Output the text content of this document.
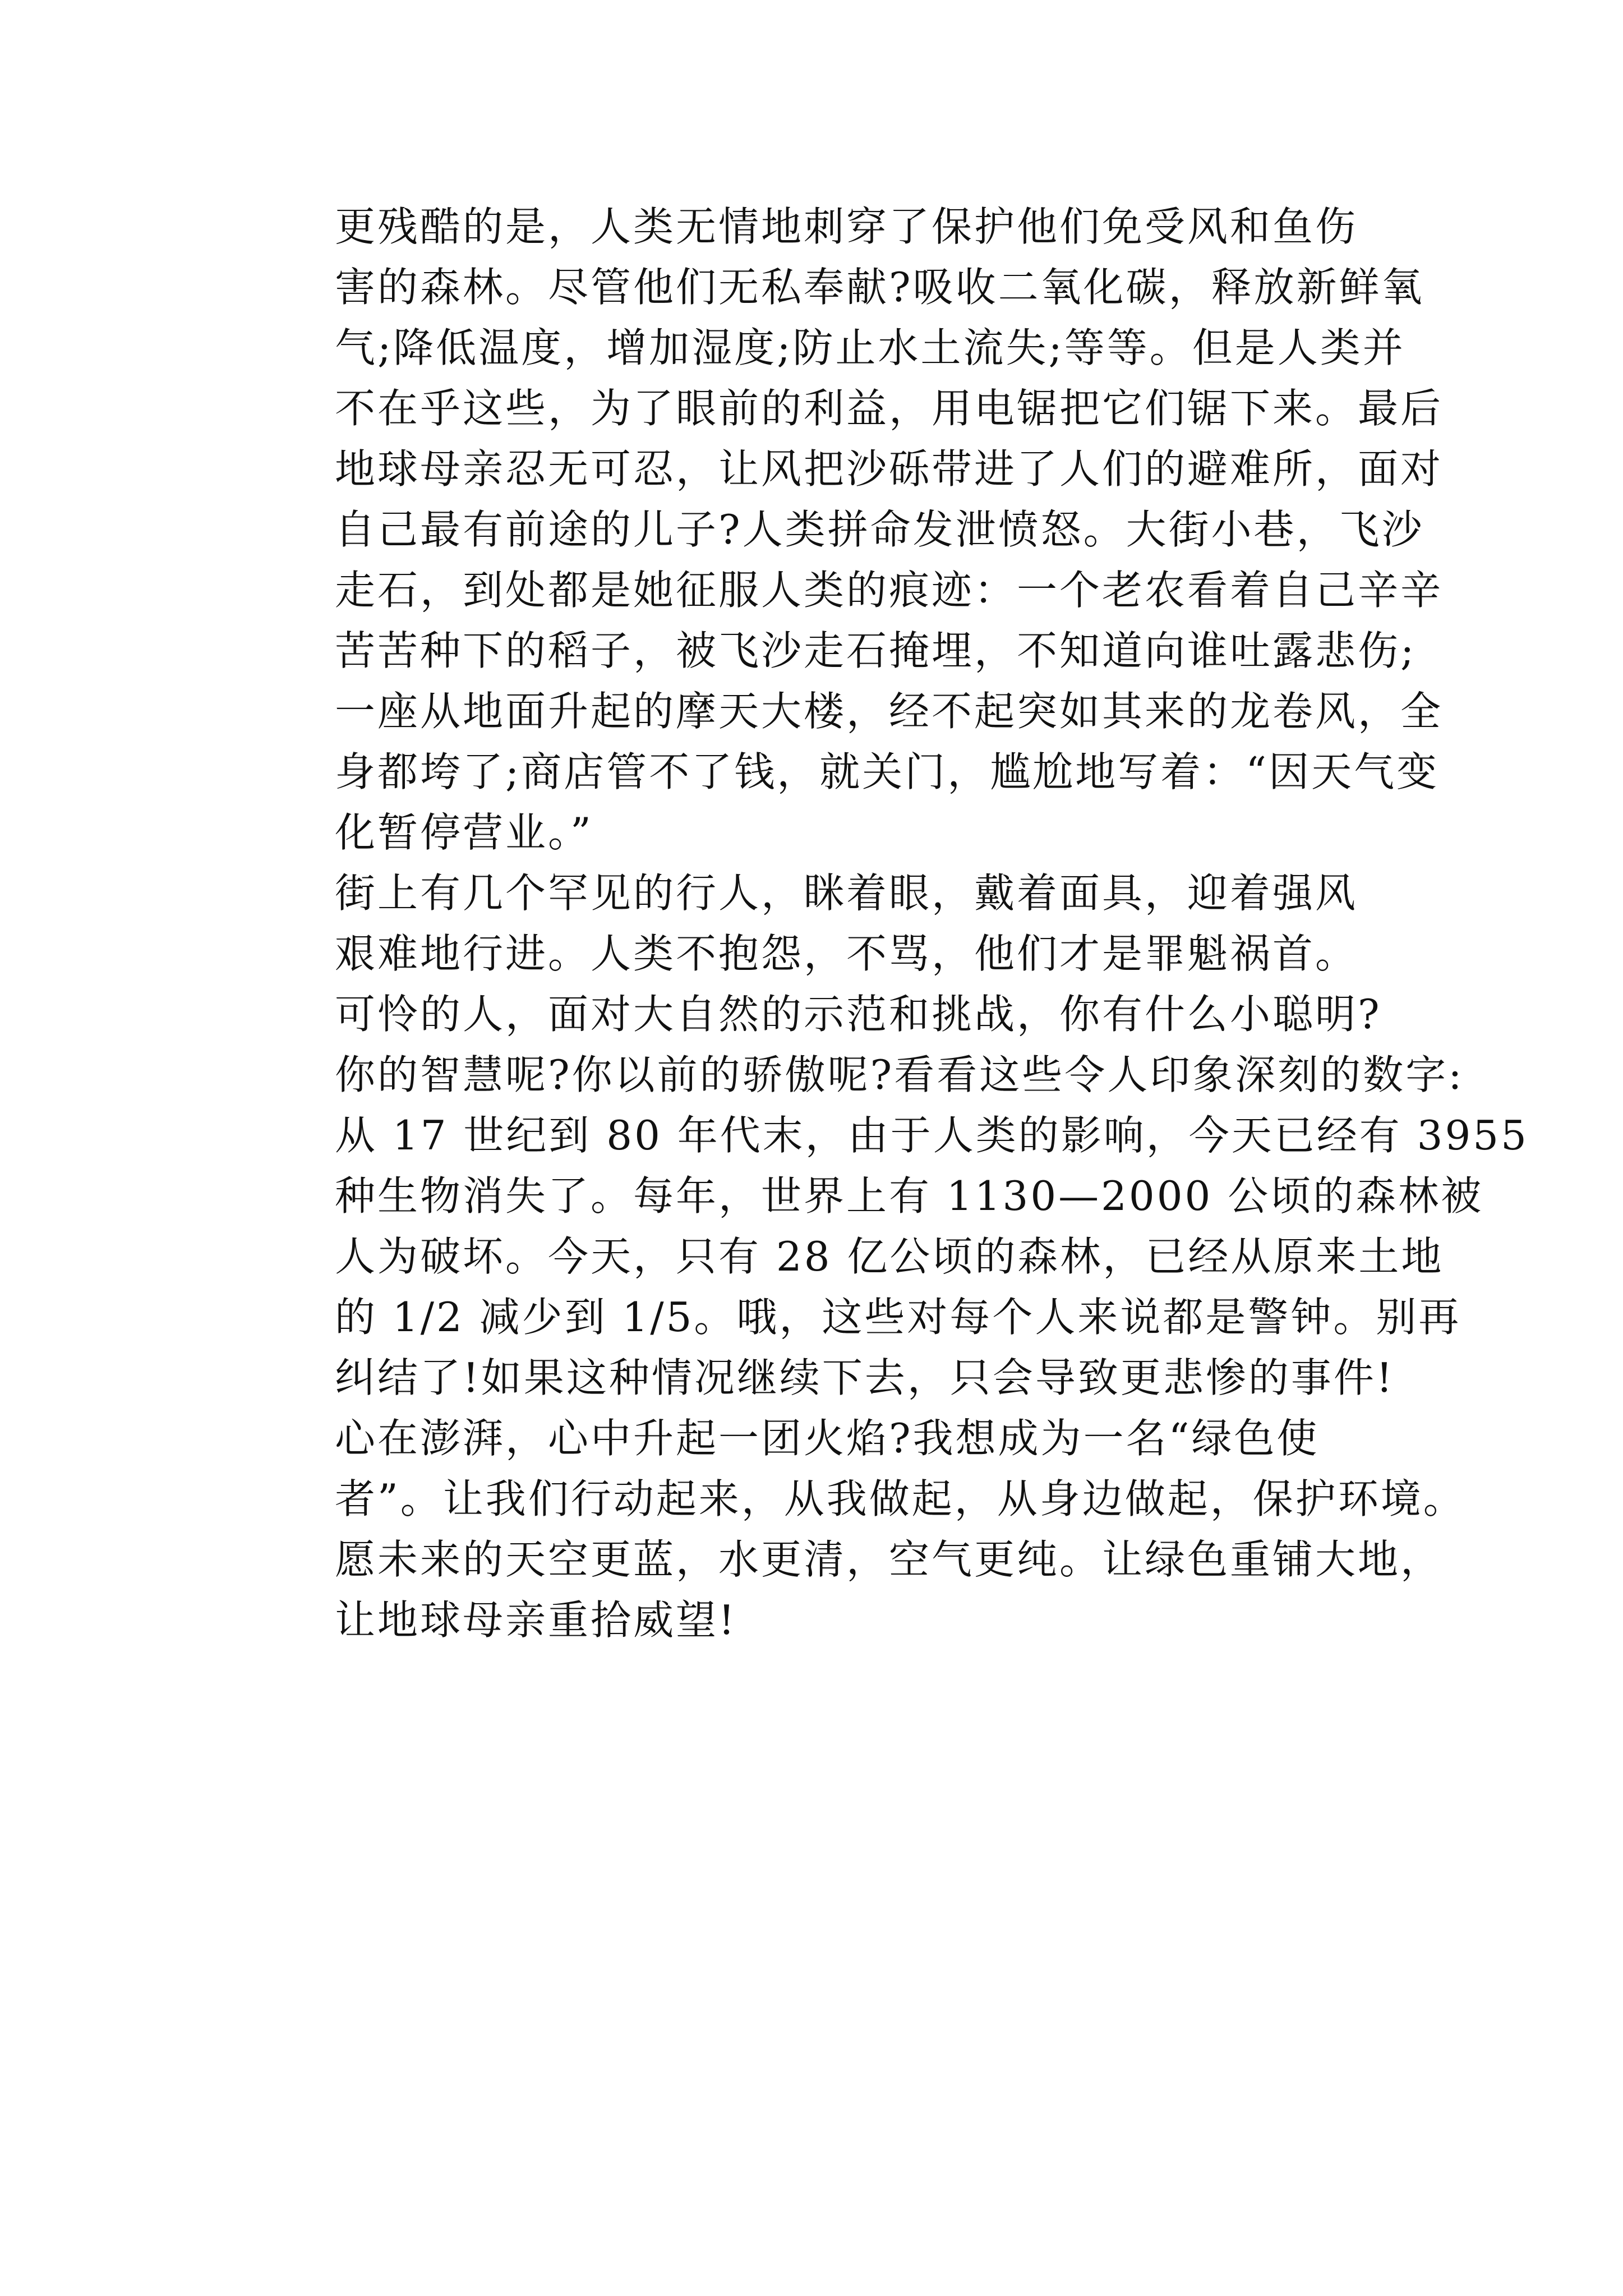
更残酷的是，人类无情地刺穿了保护他们免受风和鱼伤
害的森林。尽管他们无私奉献?吸收二氧化碳，释放新鲜氧
气;降低温度，增加湿度;防止水土流失;等等。但是人类并
不在乎这些，为了眼前的利益，用电锯把它们锯下来。最后
地球母亲忍无可忍，让风把沙砾带进了人们的避难所，面对
自己最有前途的儿子?人类拼命发泄愤怒。大街小巷，飞沙
走石，到处都是她征服人类的痕迹：一个老农看着自己辛辛
苦苦种下的稻子，被飞沙走石掩埋，不知道向谁吐露悲伤;
一座从地面升起的摩天大楼，经不起突如其来的龙卷风，全
身都垮了;商店管不了钱，就关门，尴尬地写着：“因天气变
化暂停营业。”

街上有几个罕见的行人，眯着眼，戴着面具，迎着强风
艰难地行进。人类不抱怨，不骂，他们才是罪魁祸首。

可怜的人，面对大自然的示范和挑战，你有什么小聪明?
你的智慧呢?你以前的骄傲呢?看看这些令人印象深刻的数字:
从 17 世纪到 80 年代末，由于人类的影响，今天已经有 3955
种生物消失了。每年，世界上有 1130—2000 公顷的森林被
人为破坏。今天，只有 28 亿公顷的森林，已经从原来土地
的 1/2 减少到 1/5。哦，这些对每个人来说都是警钟。别再
纠结了!如果这种情况继续下去，只会导致更悲惨的事件!

心在澎湃，心中升起一团火焰?我想成为一名“绿色使
者”。让我们行动起来，从我做起，从身边做起，保护环境。
愿未来的天空更蓝，水更清，空气更纯。让绿色重铺大地，
让地球母亲重拾威望!
